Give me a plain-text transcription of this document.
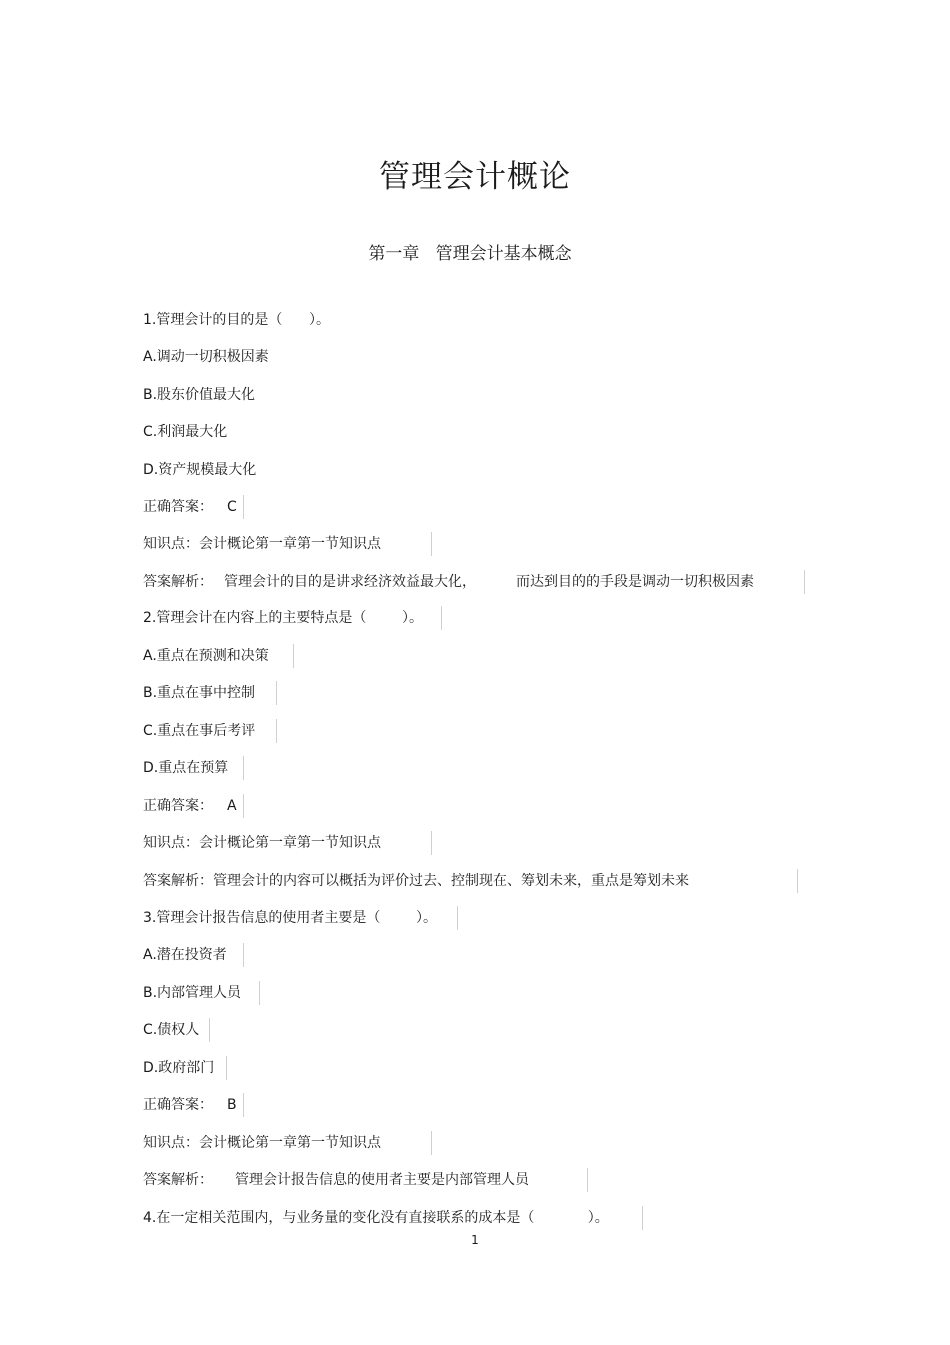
管理会计概论
第一章   管理会计基本概念
1.管理会计的目的是（      ）。
A.调动一切积极因素
B.股东价值最大化
C.利润最大化
D.资产规模最大化
正确答案： C
知识点：会计概论第一章第一节知识点
答案解析： 管理会计的目的是讲求经济效益最大化，	而达到目的的手段是调动一切积极因素
2.管理会计在内容上的主要特点是（        ）。
A.重点在预测和决策
B.重点在事中控制
C.重点在事后考评
D.重点在预算
正确答案： A
知识点：会计概论第一章第一节知识点
答案解析：管理会计的内容可以概括为评价过去、控制现在、筹划未来，重点是筹划未来
3.管理会计报告信息的使用者主要是（        ）。
A.潜在投资者
B.内部管理人员
C.债权人
D.政府部门
正确答案： B
知识点：会计概论第一章第一节知识点
答案解析： 管理会计报告信息的使用者主要是内部管理人员
4.在一定相关范围内，与业务量的变化没有直接联系的成本是（            ）。
1
